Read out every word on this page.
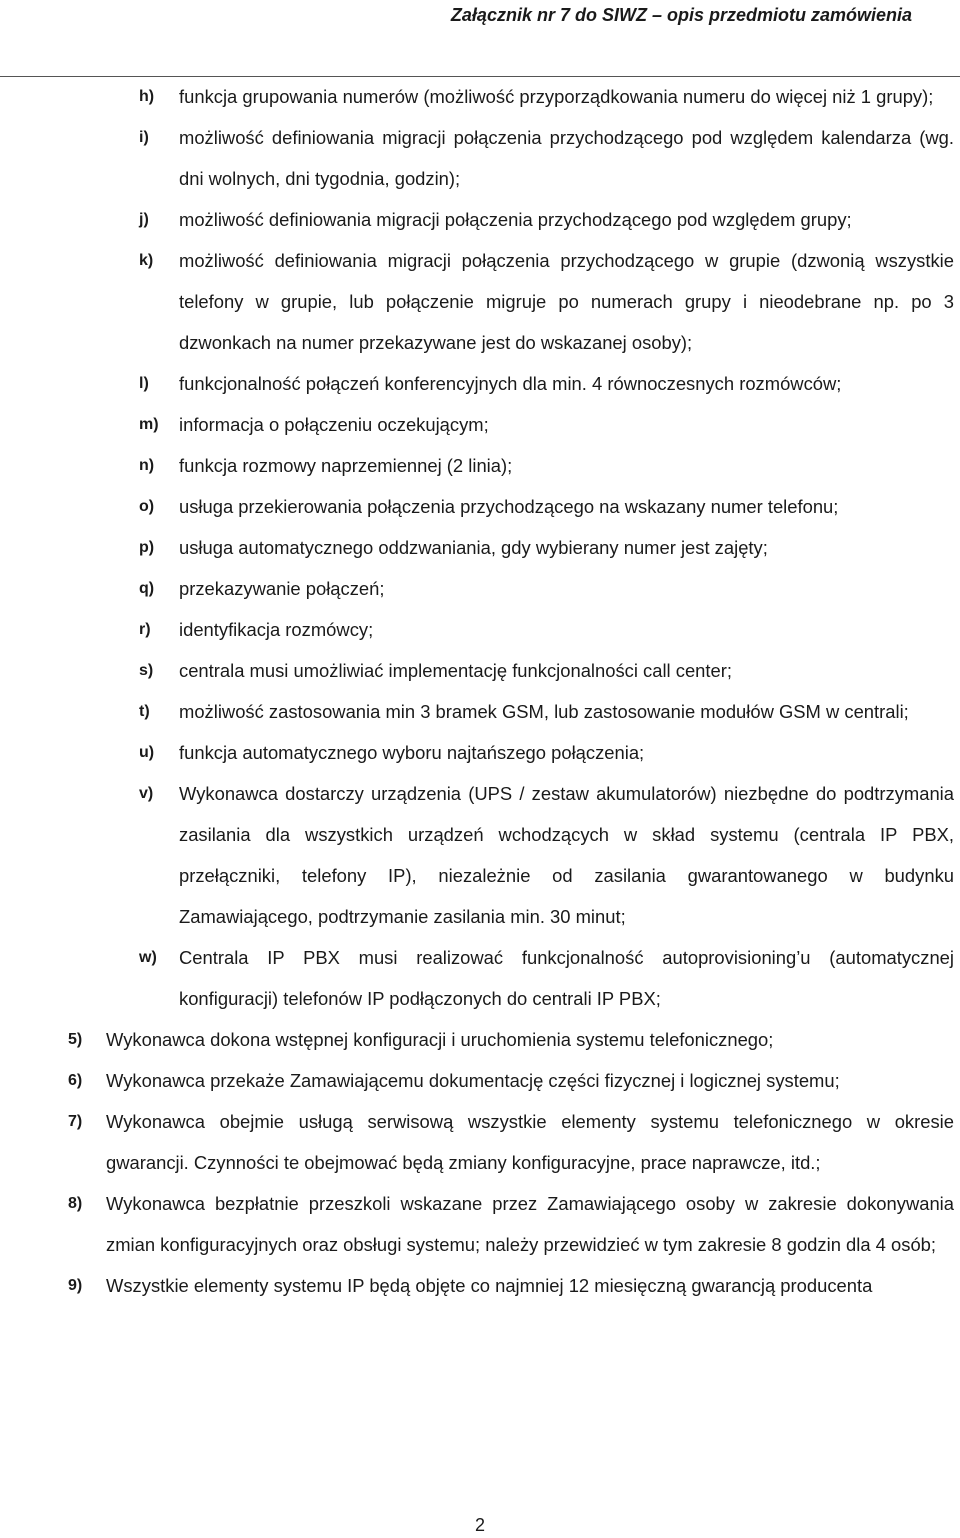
Załącznik nr 7 do SIWZ – opis przedmiotu zamówienia
h) funkcja grupowania numerów (możliwość przyporządkowania numeru do więcej niż 1 grupy);
i) możliwość definiowania migracji połączenia przychodzącego pod względem kalendarza (wg. dni wolnych, dni tygodnia, godzin);
j) możliwość definiowania migracji połączenia przychodzącego pod względem grupy;
k) możliwość definiowania migracji połączenia przychodzącego w grupie (dzwonią wszystkie telefony w grupie, lub połączenie migruje po numerach grupy i nieodebrane np. po 3 dzwonkach na numer przekazywane jest do wskazanej osoby);
l) funkcjonalność połączeń konferencyjnych dla min. 4 równoczesnych rozmówców;
m) informacja o połączeniu oczekującym;
n) funkcja rozmowy naprzemiennej (2 linia);
o) usługa przekierowania połączenia przychodzącego na wskazany numer telefonu;
p) usługa automatycznego oddzwaniania, gdy wybierany numer jest zajęty;
q) przekazywanie połączeń;
r) identyfikacja rozmówcy;
s) centrala musi umożliwiać implementację funkcjonalności call center;
t) możliwość zastosowania min 3 bramek GSM, lub zastosowanie modułów GSM w centrali;
u) funkcja automatycznego wyboru najtańszego połączenia;
v) Wykonawca dostarczy urządzenia (UPS / zestaw akumulatorów) niezbędne do podtrzymania zasilania dla wszystkich urządzeń wchodzących w skład systemu (centrala IP PBX, przełączniki, telefony IP), niezależnie od zasilania gwarantowanego w budynku Zamawiającego, podtrzymanie zasilania min. 30 minut;
w) Centrala IP PBX musi realizować funkcjonalność autoprovisioning’u (automatycznej konfiguracji) telefonów IP podłączonych do centrali IP PBX;
5) Wykonawca dokona wstępnej konfiguracji i uruchomienia systemu telefonicznego;
6) Wykonawca przekaże Zamawiającemu dokumentację części fizycznej i logicznej systemu;
7) Wykonawca obejmie usługą serwisową wszystkie elementy systemu telefonicznego w okresie gwarancji. Czynności te obejmować będą zmiany konfiguracyjne, prace naprawcze, itd.;
8) Wykonawca bezpłatnie przeszkoli wskazane przez Zamawiającego osoby w zakresie dokonywania zmian konfiguracyjnych oraz obsługi systemu; należy przewidzieć w tym zakresie 8 godzin dla 4 osób;
9) Wszystkie elementy systemu IP będą objęte co najmniej 12 miesięczną gwarancją producenta
2
